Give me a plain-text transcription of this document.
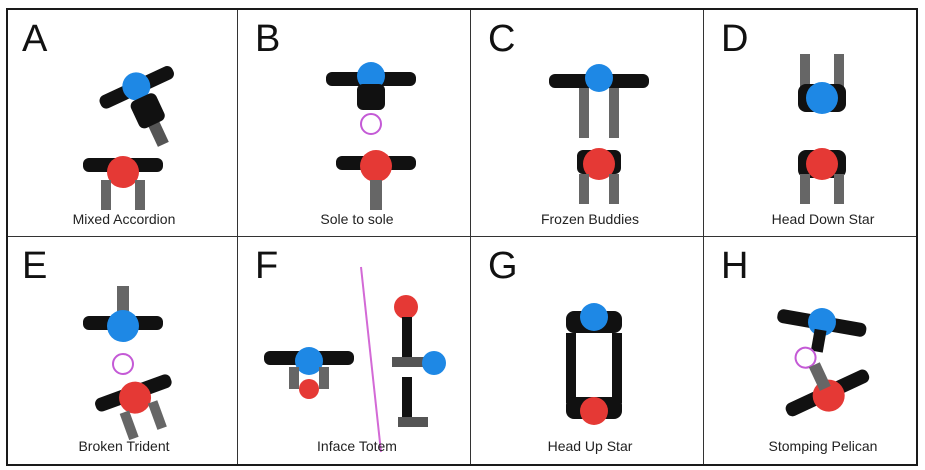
A
Mixed Accordion
B
Sole to sole
C
Frozen Buddies
D
Head Down Star
E
Broken Trident
F
Inface Totem
G
Head Up Star
H
Stomping Pelican
